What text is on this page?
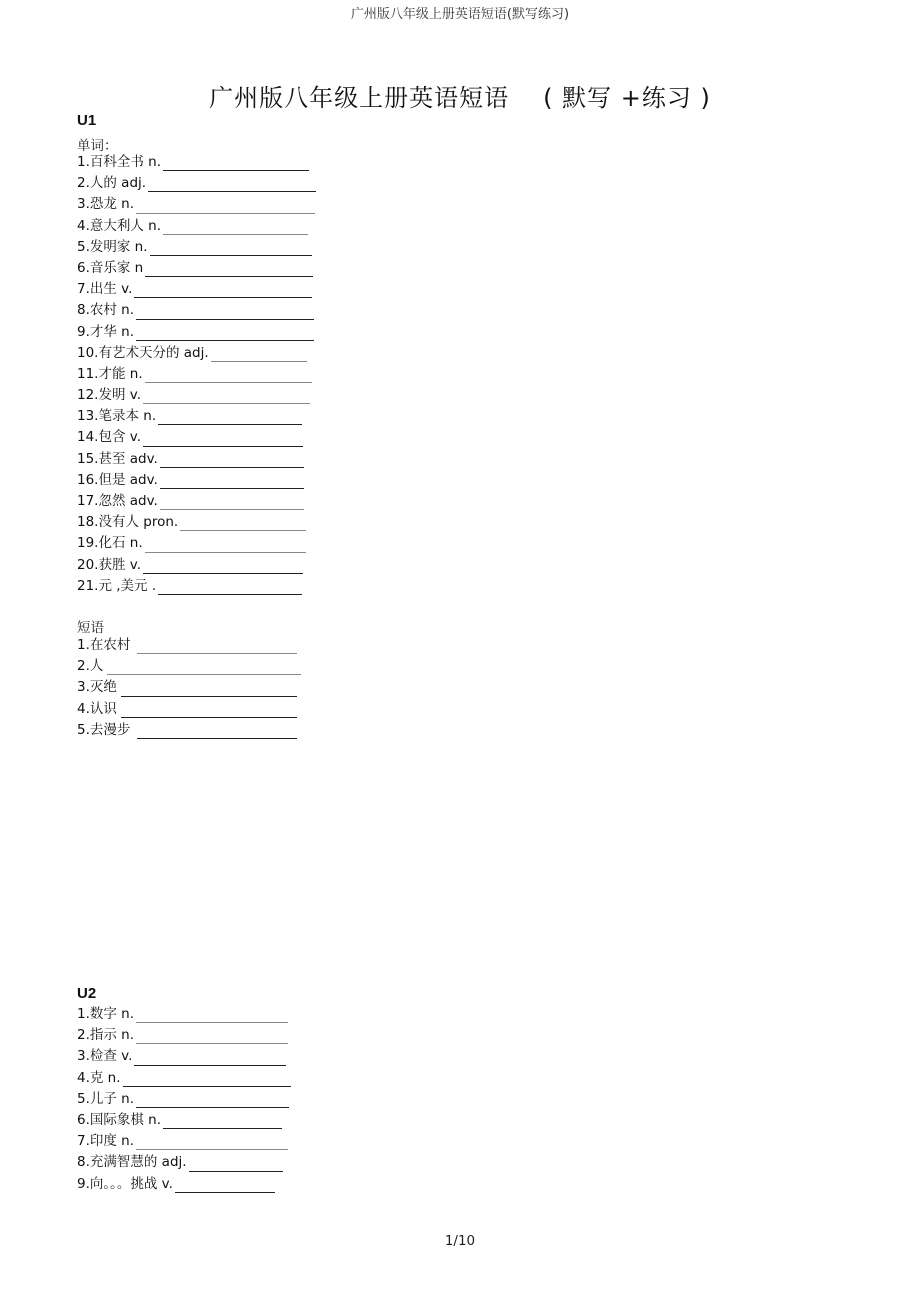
广州版八年级上册英语短语(默写练习)
广州版八年级上册英语短语 ( 默写 +练习 )
U1
单词：
1.百科全书 n.
2.人的 adj.
3.恐龙 n.
4.意大利人 n.
5.发明家 n.
6.音乐家 n
7.出生 v.
8.农村 n.
9.才华 n.
10.有艺术天分的 adj.
11.才能 n.
12.发明 v.
13.笔录本 n.
14.包含 v.
15.甚至 adv.
16.但是 adv.
17.忽然 adv.
18.没有人 pron.
19.化石 n.
20.获胜 v.
21.元 ,美元 .
短语
1.在农村
2.人
3.灭绝
4.认识
5.去漫步
U2
1.数字 n.
2.指示 n.
3.检查 v.
4.克 n.
5.儿子 n.
6.国际象棋 n.
7.印度 n.
8.充满智慧的 adj.
9.向。。。挑战 v.
1/10
